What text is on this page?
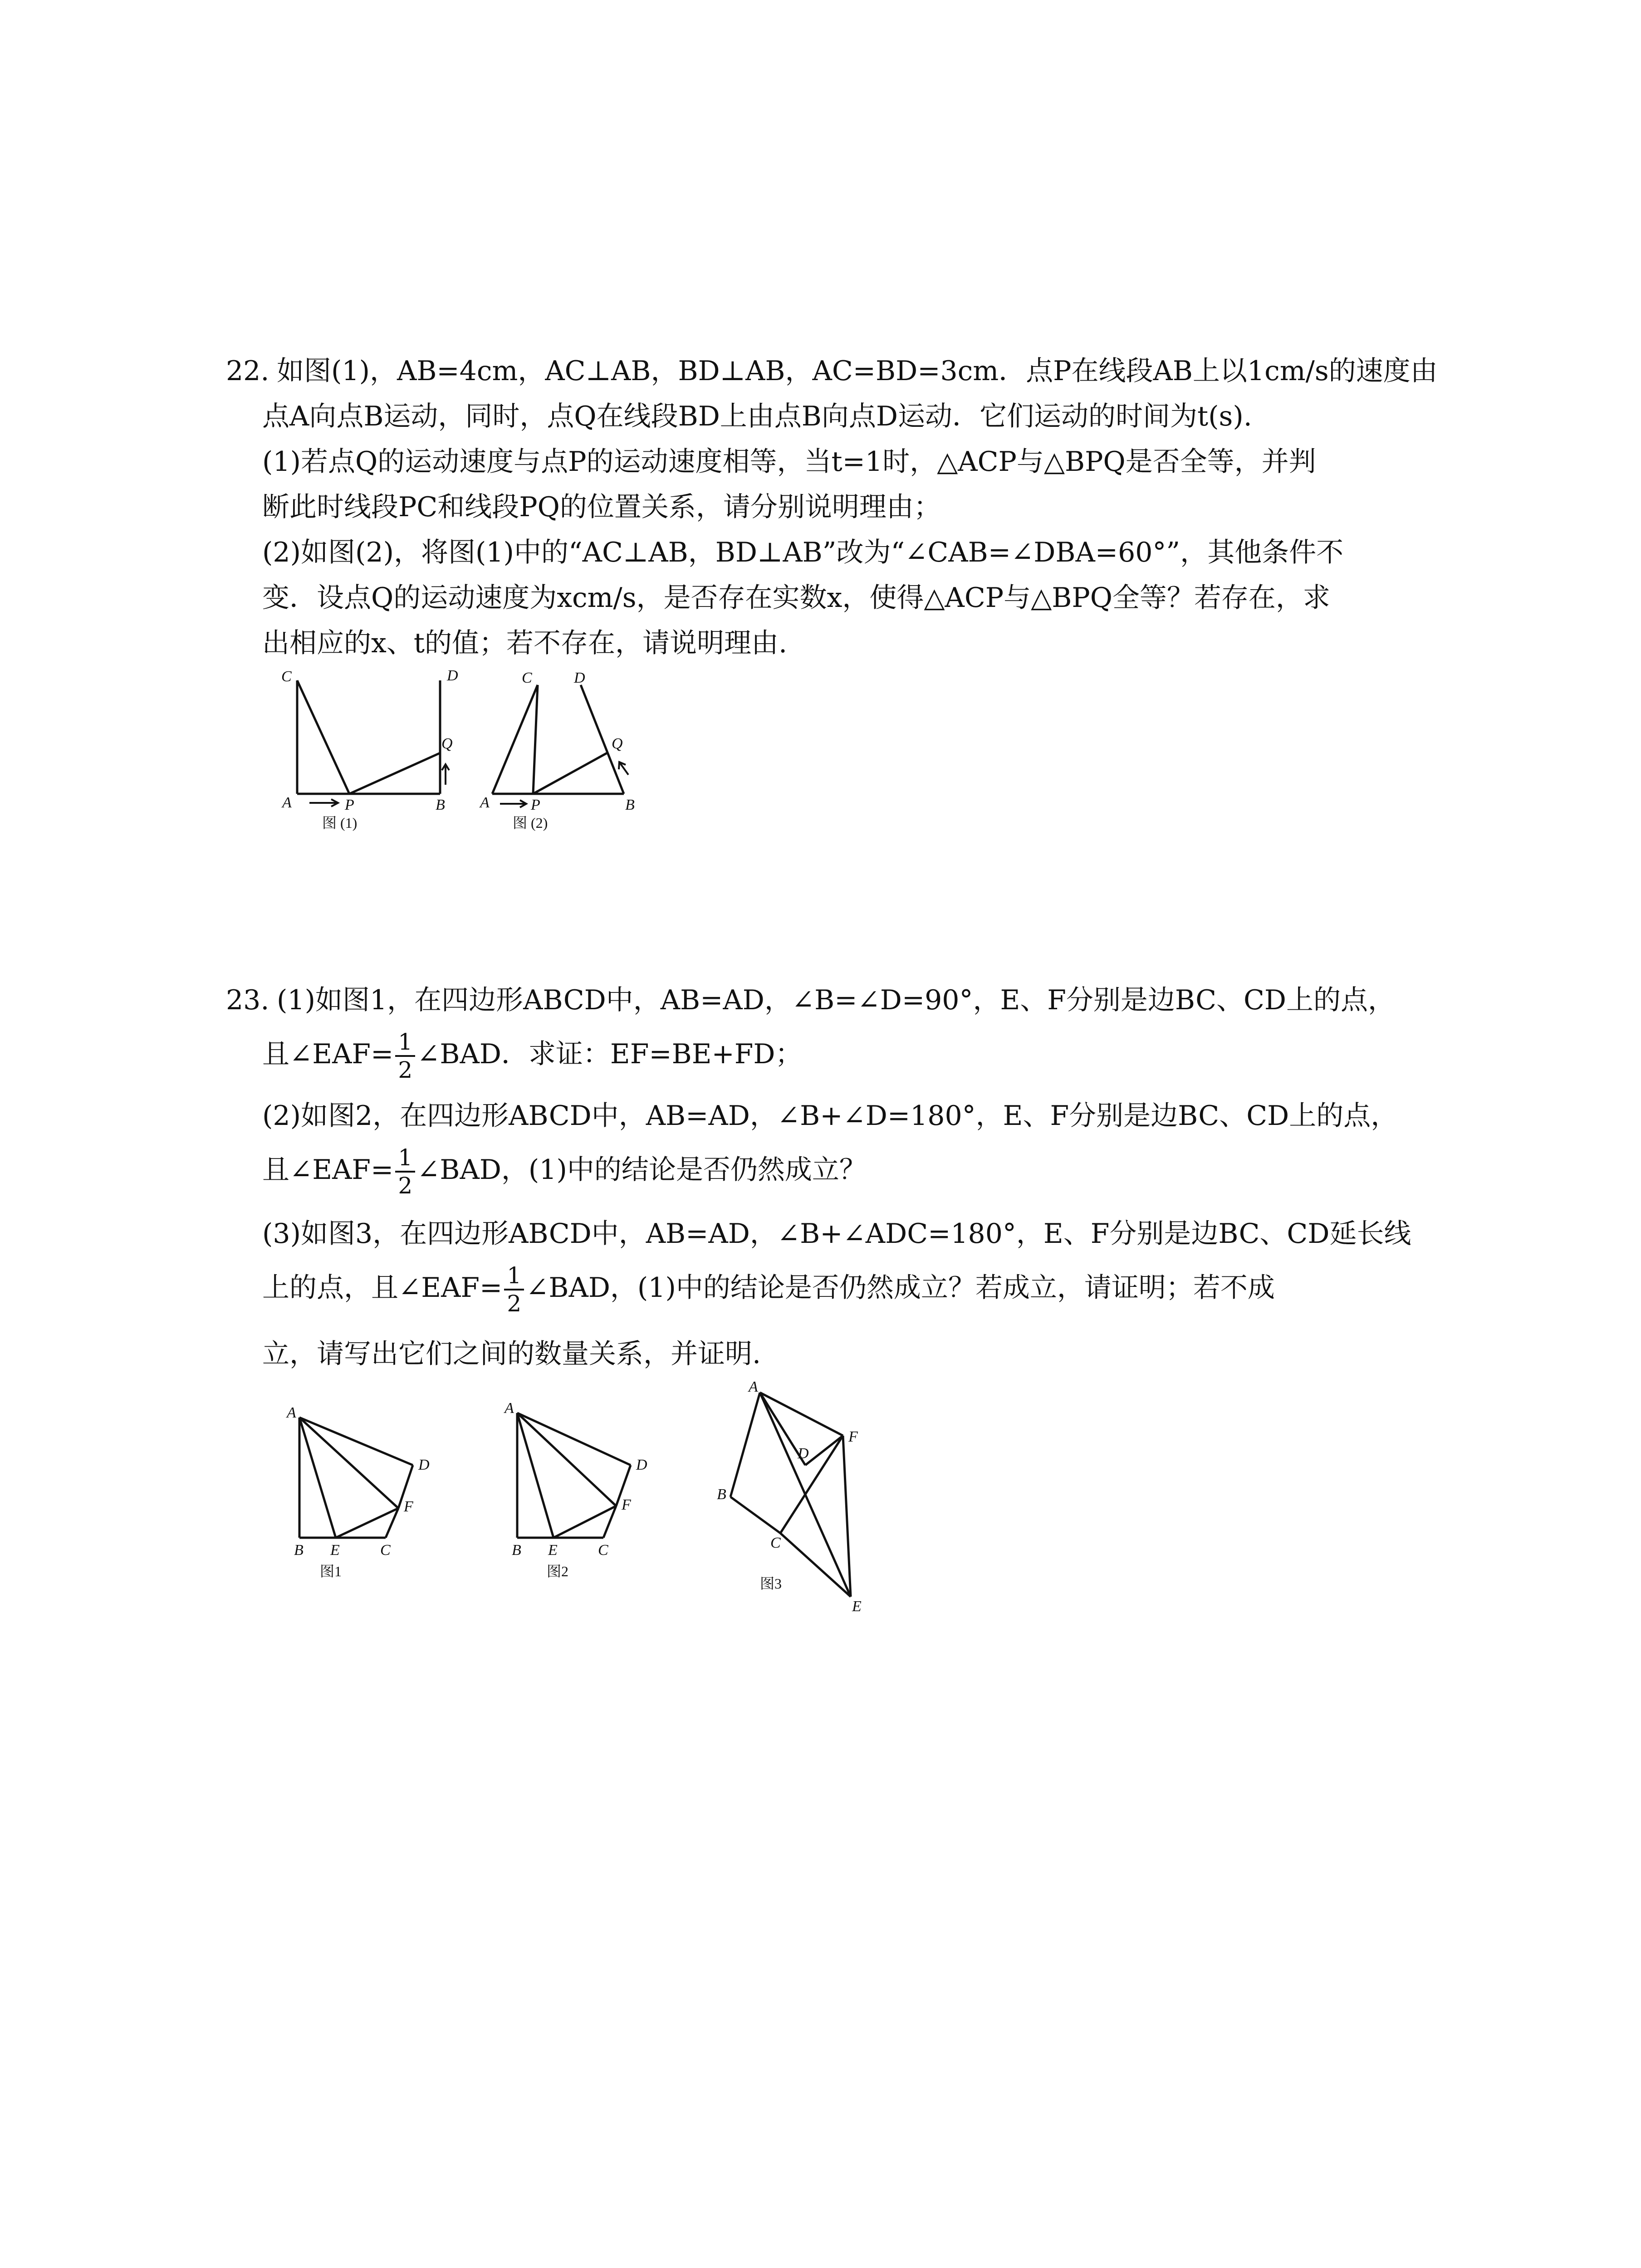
22. 如图(1)，AB=4cm，AC⊥AB，BD⊥AB，AC=BD=3cm．点P在线段AB上以1cm/s的速度由
点A向点B运动，同时，点Q在线段BD上由点B向点D运动．它们运动的时间为t(s).
(1)若点Q的运动速度与点P的运动速度相等，当t=1时，△ACP与△BPQ是否全等，并判
断此时线段PC和线段PQ的位置关系，请分别说明理由；
(2)如图(2)，将图(1)中的“AC⊥AB，BD⊥AB”改为“∠CAB=∠DBA=60°”，其他条件不
变．设点Q的运动速度为xcm/s，是否存在实数x，使得△ACP与△BPQ全等？若存在，求
出相应的x、t的值；若不存在，请说明理由.
C	D
Q
A	P	B
图 (1)
C	D
Q
A	P	B
图 (2)
23. (1)如图1，在四边形ABCD中，AB=AD，∠B=∠D=90°，E、F分别是边BC、CD上的点，
且∠EAF= $\frac{1}{2}$ ∠BAD．求证：EF=BE+FD；
(2)如图2，在四边形ABCD中，AB=AD，∠B+∠D=180°，E、F分别是边BC、CD上的点，
且∠EAF= $\frac{1}{2}$ ∠BAD，(1)中的结论是否仍然成立？
(3)如图3，在四边形ABCD中，AB=AD，∠B+∠ADC=180°，E、F分别是边BC、CD延长线
上的点，且∠EAF= $\frac{1}{2}$ ∠BAD，(1)中的结论是否仍然成立？若成立，请证明；若不成
立，请写出它们之间的数量关系，并证明.
A
D
F
B E	C
图1
A
D
F
B E	C
图2
A
F
D
B
C
E
图3
